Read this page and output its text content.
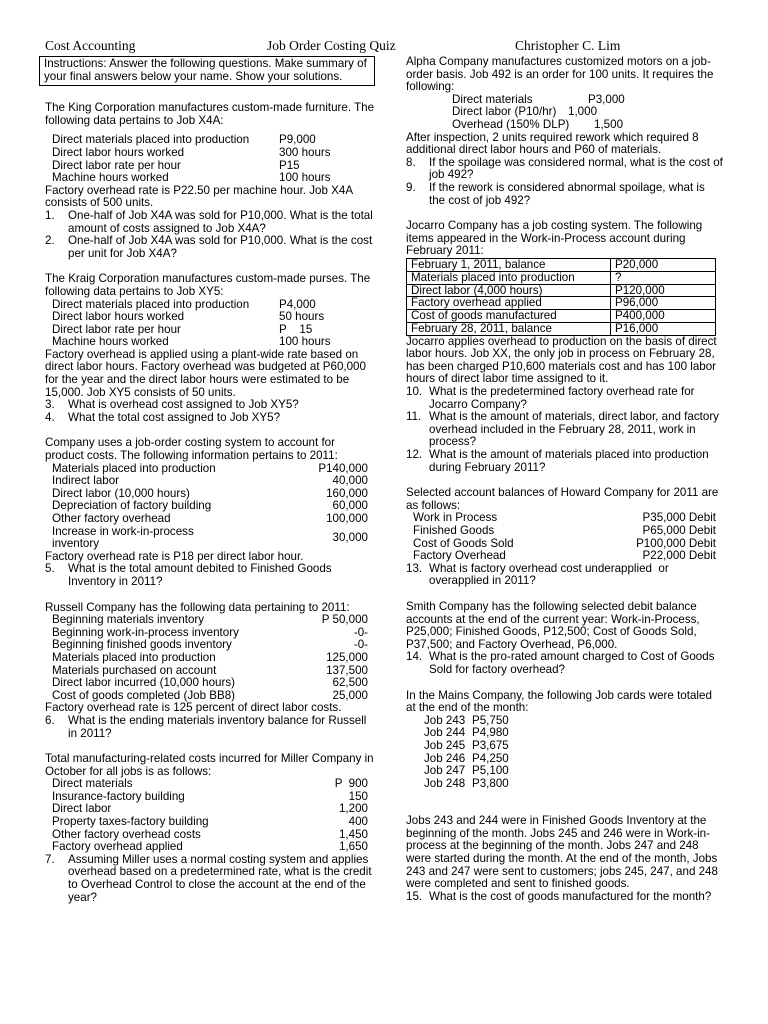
Cost Accounting	Job Order Costing Quiz	Christopher C. Lim

Instructions: Answer the following questions. Make summary of your final answers below your name. Show your solutions.

The King Corporation manufactures custom-made furniture. The following data pertains to Job X4A:

Direct materials placed into production	P9,000
Direct labor hours worked	300 hours
Direct labor rate per hour	P15
Machine hours worked	100 hours

Factory overhead rate is P22.50 per machine hour. Job X4A consists of 500 units.

1.	One-half of Job X4A was sold for P10,000. What is the total amount of costs assigned to Job X4A?
2.	One-half of Job X4A was sold for P10,000. What is the cost per unit for Job X4A?

The Kraig Corporation manufactures custom-made purses. The following data pertains to Job XY5:

Direct materials placed into production	P4,000
Direct labor hours worked	50 hours
Direct labor rate per hour	P    15
Machine hours worked	100 hours

Factory overhead is applied using a plant-wide rate based on direct labor hours. Factory overhead was budgeted at P60,000 for the year and the direct labor hours were estimated to be 15,000. Job XY5 consists of 50 units.

3.	What is overhead cost assigned to Job XY5?
4.	What the total cost assigned to Job XY5?

Company uses a job-order costing system to account for product costs. The following information pertains to 2011:

Materials placed into production	P140,000
Indirect labor	40,000
Direct labor (10,000 hours)	160,000
Depreciation of factory building	60,000
Other factory overhead	100,000
Increase in work-in-process inventory	30,000

Factory overhead rate is P18 per direct labor hour.

5.	What is the total amount debited to Finished Goods Inventory in 2011?

Russell Company has the following data pertaining to 2011:

Beginning materials inventory	P 50,000
Beginning work-in-process inventory	-0-
Beginning finished goods inventory	-0-
Materials placed into production	125,000
Materials purchased on account	137,500
Direct labor incurred (10,000 hours)	62,500
Cost of goods completed (Job BB8)	25,000

Factory overhead rate is 125 percent of direct labor costs.

6.	What is the ending materials inventory balance for Russell in 2011?

Total manufacturing-related costs incurred for Miller Company in October for all jobs is as follows:

Direct materials	P  900
Insurance-factory building	150
Direct labor	1,200
Property taxes-factory building	400
Other factory overhead costs	1,450
Factory overhead applied	1,650
7.	Assuming Miller uses a normal costing system and applies overhead based on a predetermined rate, what is the credit to Overhead Control to close the account at the end of the year?

Alpha Company manufactures customized motors on a job-order basis. Job 492 is an order for 100 units. It requires the following:

Direct materials	P3,000
Direct labor (P10/hr)	1,000
Overhead (150% DLP)	1,500

After inspection, 2 units required rework which required 8 additional direct labor hours and P60 of materials.

8.	If the spoilage was considered normal, what is the cost of job 492?
9.	If the rework is considered abnormal spoilage, what is the cost of job 492?

Jocarro Company has a job costing system. The following items appeared in the Work-in-Process account during February 2011:

February 1, 2011, balance	P20,000
Materials placed into production	?
Direct labor (4,000 hours)	P120,000
Factory overhead applied	P96,000
Cost of goods manufactured	P400,000
February 28, 2011, balance	P16,000

Jocarro applies overhead to production on the basis of direct labor hours. Job XX, the only job in process on February 28, has been charged P10,600 materials cost and has 100 labor hours of direct labor time assigned to it.

10. What is the predetermined factory overhead rate for Jocarro Company?
11. What is the amount of materials, direct labor, and factory overhead included in the February 28, 2011, work in process?
12. What is the amount of materials placed into production during February 2011?

Selected account balances of Howard Company for 2011 are as follows:

Work in Process	P35,000 Debit
Finished Goods	P65,000 Debit
Cost of Goods Sold	P100,000 Debit
Factory Overhead	P22,000 Debit
13. What is factory overhead cost underapplied  or overapplied in 2011?

Smith Company has the following selected debit balance accounts at the end of the current year: Work-in-Process, P25,000; Finished Goods, P12,500; Cost of Goods Sold, P37,500; and Factory Overhead, P6,000.

14. What is the pro-rated amount charged to Cost of Goods Sold for factory overhead?

In the Mains Company, the following Job cards were totaled at the end of the month:

Job 243 P5,750
Job 244 P4,980
Job 245 P3,675
Job 246 P4,250
Job 247 P5,100
Job 248 P3,800

Jobs 243 and 244 were in Finished Goods Inventory at the beginning of the month. Jobs 245 and 246 were in Work-in-process at the beginning of the month. Jobs 247 and 248 were started during the month. At the end of the month, Jobs 243 and 247 were sent to customers; jobs 245, 247, and 248 were completed and sent to finished goods.

15. What is the cost of goods manufactured for the month?
